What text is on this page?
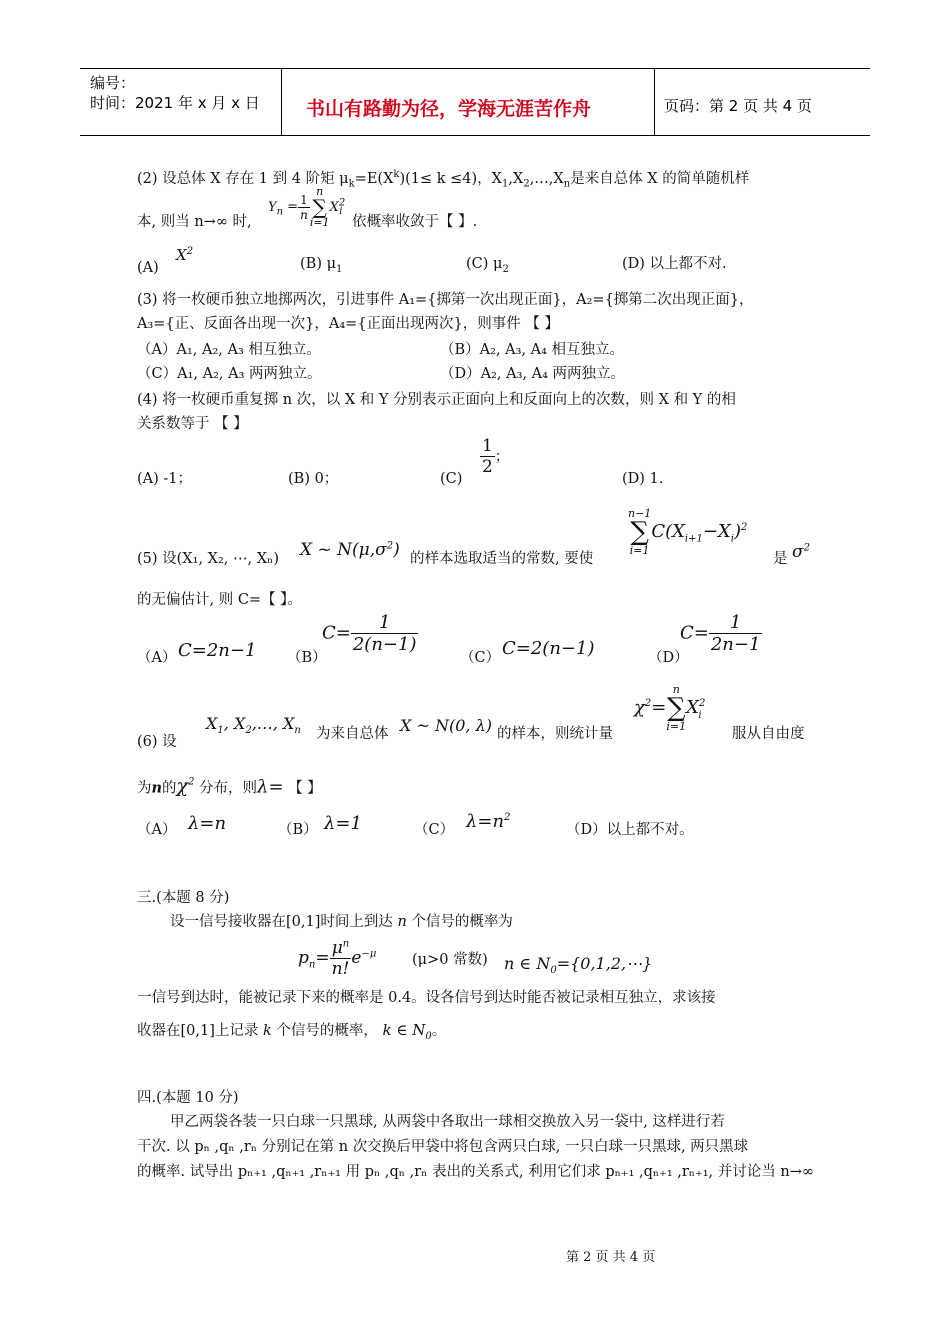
编号：
时间：2021 年 x 月 x 日 书山有路勤为径，学海无涯苦作舟	页码：第 2 页 共 4 页
(2) 设总体 X 存在 1 到 4 阶矩 $\mu_k=E(X^k)(1\le k \le 4)$，$X_1,X_2,\dots,X_n$是来自总体 X 的简单随机样
本, 则当 n→∞ 时,
$Y_n = \frac{1}{n}$
n
∑
i=1
$X^2_i$
依概率收敛于【 】.
(A)
$X^2$
(B) $\mu_1$	(C) $\mu_2$	(D) 以上都不对.
(3) 将一枚硬币独立地掷两次，引进事件 A₁={掷第一次出现正面}，A₂={掷第二次出现正面}，
A₃={正、反面各出现一次}，A₄={正面出现两次}，则事件 【 】
（A）A₁, A₂, A₃ 相互独立。	（B）A₂, A₃, A₄ 相互独立。
（C）A₁, A₂, A₃ 两两独立。	（D）A₂, A₃, A₄ 两两独立。
(4) 将一枚硬币重复掷 n 次，以 X 和 Y 分别表示正面向上和反面向上的次数，则 X 和 Y 的相
关系数等于 【 】
(A) -1；	(B) 0；	(C)
$\frac{1}{2}$ ；
(D) 1.
(5) 设(X₁, X₂, ⋯, Xₙ) X ~ $N(\mu,\sigma^2)$ 的样本选取适当的常数, 要使
n−1
∑
i=1
$C(X_{i+1}-X_i)^2$
是 $\sigma^2$
的无偏估计, 则 C=【 】。
（A） C=2n−1 （B）
$C= \frac{1}{2(n-1)}$
（C） C=2(n−1)	（D）
$C= \frac{1}{2n-1}$
(6) 设
$X_1$, $X_2,\dots$, $X_n$ 为来自总体 X ~ N(0, λ) 的样本，则统计量
$\chi^2=$
n
∑
i=1
$X^2_i$
服从自由度
为n的$\chi^2$ 分布，则λ= 【 】
（A） λ=n	（B） λ=1	（C） $\lambda=n^2$
（D）以上都不对。
三.(本题 8 分)
设一信号接收器在[0,1]时间上到达 n 个信号的概率为
$p_n= \frac{\mu^n}{n!} e^{-\mu}$ (μ>0 常数) n ∈ $N_0=\{0,1,2,\cdots\}$
一信号到达时，能被记录下来的概率是 0.4。设各信号到达时能否被记录相互独立，求该接
收器在[0,1]上记录 k 个信号的概率， k ∈ $N_0$。
四.(本题 10 分)
甲乙两袋各装一只白球一只黑球, 从两袋中各取出一球相交换放入另一袋中, 这样进行若
干次. 以 pₙ ,qₙ ,rₙ 分别记在第 n 次交换后甲袋中将包含两只白球, 一只白球一只黑球, 两只黑球
的概率. 试导出 pₙ₊₁ ,qₙ₊₁ ,rₙ₊₁ 用 pₙ ,qₙ ,rₙ 表出的关系式, 利用它们求 pₙ₊₁ ,qₙ₊₁ ,rₙ₊₁, 并讨论当 n→∞
第 2 页 共 4 页
